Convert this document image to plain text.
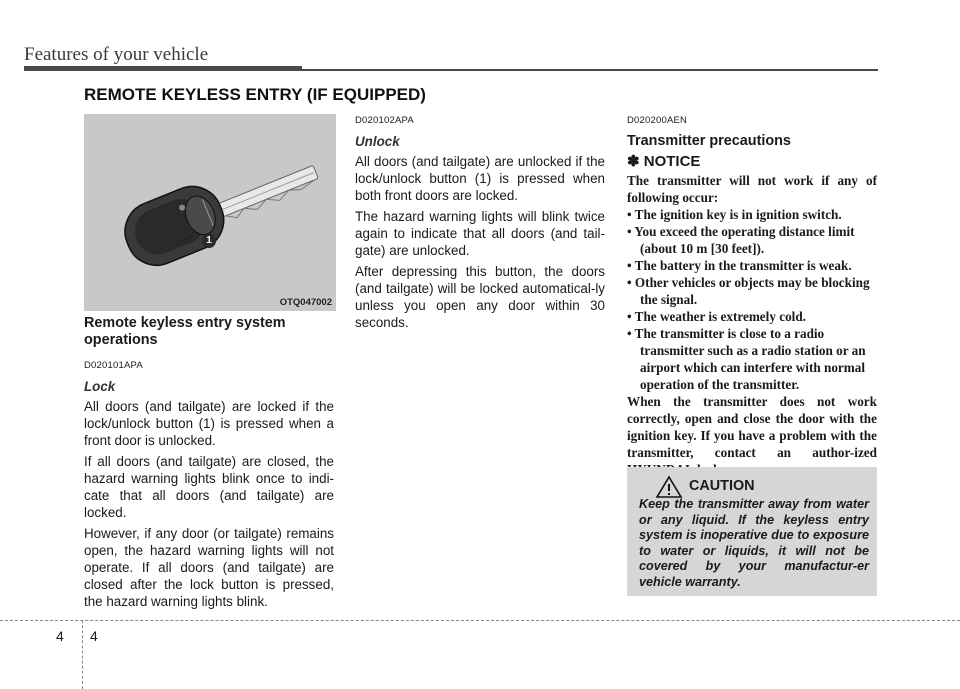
Features of your vehicle
REMOTE KEYLESS ENTRY (IF EQUIPPED)
1
OTQ047002
Remote keyless entry system operations
D020101APA
Lock

All doors (and tailgate) are locked if the lock/unlock button (1) is pressed when a front door is unlocked.

If all doors (and tailgate) are closed, the hazard warning lights blink once to indi-cate that all doors (and tailgate) are locked.

However, if any door (or tailgate) remains open, the hazard warning lights will not operate. If all doors (and tailgate) are closed after the lock button is pressed, the hazard warning lights blink.

D020102APA
Unlock

All doors (and tailgate) are unlocked if the lock/unlock button (1) is pressed when both front doors are locked.

The hazard warning lights will blink twice again to indicate that all doors (and tail-gate) are unlocked.

After depressing this button, the doors (and tailgate) will be locked automatical-ly unless you open any door within 30 seconds.

D020200AEN
Transmitter precautions
✽ NOTICE

The transmitter will not work if any of following occur:

• The ignition key is in ignition switch.

• You exceed the operating distance limit (about 10 m [30 feet]).

• The battery in the transmitter is weak.

• Other vehicles or objects may be blocking the signal.

• The weather is extremely cold.

• The transmitter is close to a radio transmitter such as a radio station or an airport which can interfere with normal operation of the transmitter.

When the transmitter does not work correctly, open and close the door with the ignition key. If you have a problem with the transmitter, contact an author-ized

CAUTION
Keep the transmitter away from water or any liquid. If the keyless entry system is inoperative due to exposure to water or liquids, it will not be covered by your manufactur-er vehicle warranty.
4 4
